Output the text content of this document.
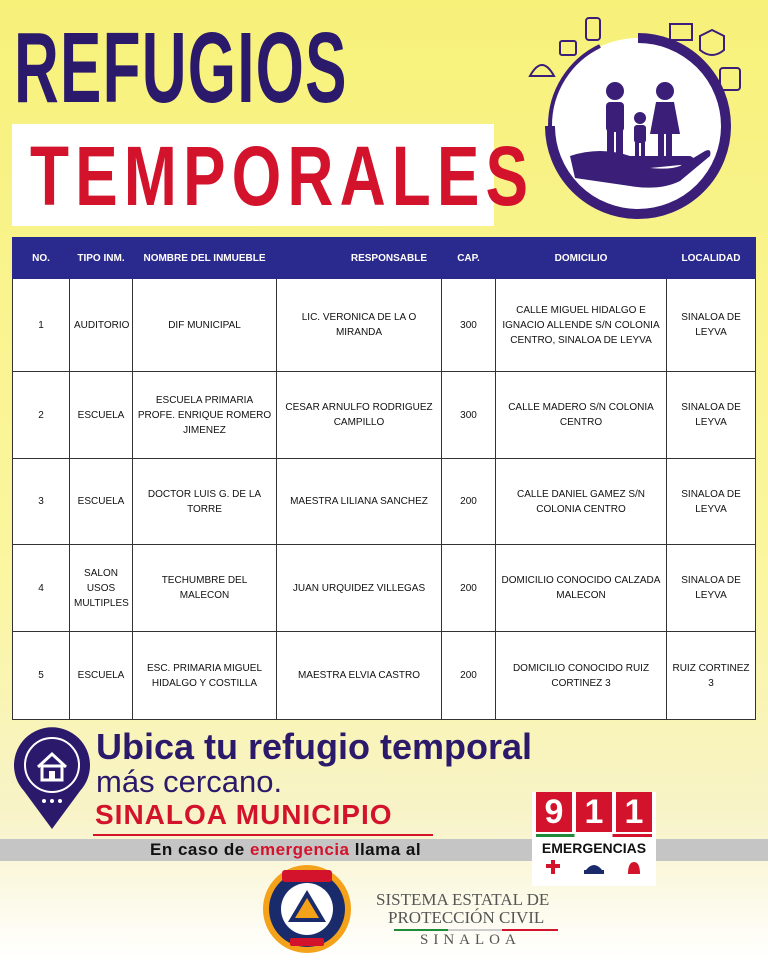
REFUGIOS
TEMPORALES
NO.	TIPO INM.	NOMBRE DEL INMUEBLE	RESPONSABLE	CAP.	DOMICILIO	LOCALIDAD
1	AUDITORIO	DIF MUNICIPAL	LIC. VERONICA DE LA O MIRANDA	300	CALLE MIGUEL HIDALGO E IGNACIO ALLENDE S/N COLONIA CENTRO, SINALOA DE LEYVA	SINALOA DE LEYVA
2	ESCUELA	ESCUELA PRIMARIA PROFE. ENRIQUE ROMERO JIMENEZ	CESAR ARNULFO RODRIGUEZ CAMPILLO	300	CALLE MADERO S/N COLONIA CENTRO	SINALOA DE LEYVA
3	ESCUELA	DOCTOR LUIS G. DE LA TORRE	MAESTRA LILIANA SANCHEZ	200	CALLE DANIEL GAMEZ S/N COLONIA CENTRO	SINALOA DE LEYVA
4	SALON USOS MULTIPLES	TECHUMBRE DEL MALECON	JUAN URQUIDEZ VILLEGAS	200	DOMICILIO CONOCIDO CALZADA MALECON	SINALOA DE LEYVA
5	ESCUELA	ESC. PRIMARIA MIGUEL HIDALGO Y COSTILLA	MAESTRA ELVIA CASTRO	200	DOMICILIO CONOCIDO RUIZ CORTINEZ 3	RUIZ CORTINEZ 3
Ubica tu refugio temporal
más cercano.
SINALOA MUNICIPIO
En caso de emergencia llama al
9 1 1
EMERGENCIAS
SISTEMA ESTATAL DE
PROTECCIÓN CIVIL
SINALOA
